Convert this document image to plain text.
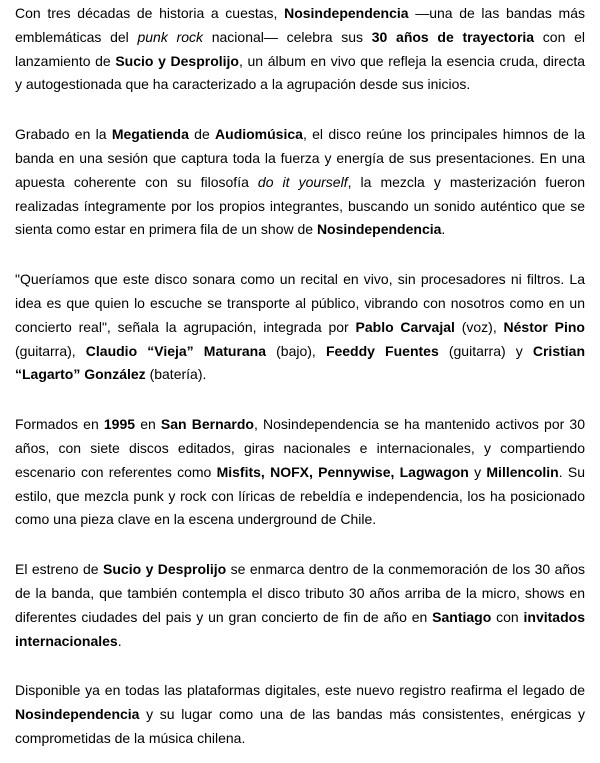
Con tres décadas de historia a cuestas, Nosindependencia —una de las bandas más emblemáticas del punk rock nacional— celebra sus 30 años de trayectoria con el lanzamiento de Sucio y Desprolijo, un álbum en vivo que refleja la esencia cruda, directa y autogestionada que ha caracterizado a la agrupación desde sus inicios.

Grabado en la Megatienda de Audiomúsica, el disco reúne los principales himnos de la banda en una sesión que captura toda la fuerza y energía de sus presentaciones. En una apuesta coherente con su filosofía do it yourself, la mezcla y masterización fueron realizadas íntegramente por los propios integrantes, buscando un sonido auténtico que se sienta como estar en primera fila de un show de Nosindependencia.

"Queríamos que este disco sonara como un recital en vivo, sin procesadores ni filtros. La idea es que quien lo escuche se transporte al público, vibrando con nosotros como en un concierto real", señala la agrupación, integrada por Pablo Carvajal (voz), Néstor Pino (guitarra), Claudio “Vieja” Maturana (bajo), Feeddy Fuentes (guitarra) y Cristian “Lagarto” González (batería).

Formados en 1995 en San Bernardo, Nosindependencia se ha mantenido activos por 30 años, con siete discos editados, giras nacionales e internacionales, y compartiendo escenario con referentes como Misfits, NOFX, Pennywise, Lagwagon y Millencolin. Su estilo, que mezcla punk y rock con líricas de rebeldía e independencia, los ha posicionado como una pieza clave en la escena underground de Chile.

El estreno de Sucio y Desprolijo se enmarca dentro de la conmemoración de los 30 años de la banda, que también contempla el disco tributo 30 años arriba de la micro, shows en diferentes ciudades del pais y un gran concierto de fin de año en Santiago con invitados internacionales.

Disponible ya en todas las plataformas digitales, este nuevo registro reafirma el legado de Nosindependencia y su lugar como una de las bandas más consistentes, enérgicas y comprometidas de la música chilena.
